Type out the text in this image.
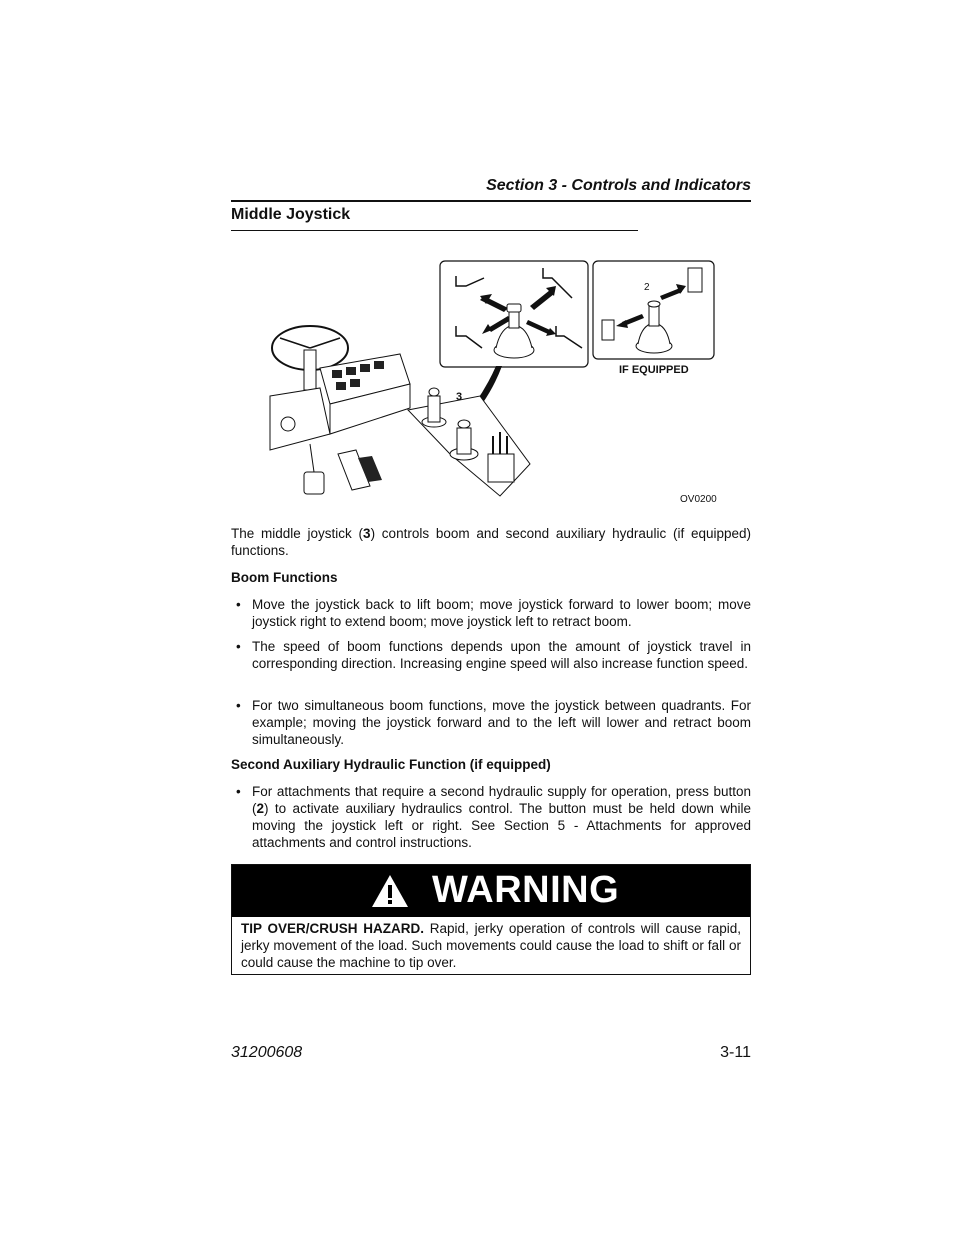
Section 3 - Controls and Indicators
Middle Joystick
2
IF EQUIPPED
3
OV0200
The middle joystick (3) controls boom and second auxiliary hydraulic (if equipped) functions.
Boom Functions
• Move the joystick back to lift boom; move joystick forward to lower boom; move joystick right to extend boom; move joystick left to retract boom.
• The speed of boom functions depends upon the amount of joystick travel in corresponding direction. Increasing engine speed will also increase function speed.
• For two simultaneous boom functions, move the joystick between quadrants. For example; moving the joystick forward and to the left will lower and retract boom simultaneously.
Second Auxiliary Hydraulic Function (if equipped)
• For attachments that require a second hydraulic supply for operation, press button (2) to activate auxiliary hydraulics control. The button must be held down while moving the joystick left or right. See Section 5 - Attachments for approved attachments and control instructions.
WARNING
TIP OVER/CRUSH HAZARD. Rapid, jerky operation of controls will cause rapid, jerky movement of the load. Such movements could cause the load to shift or fall or could cause the machine to tip over.
31200608	3-11
